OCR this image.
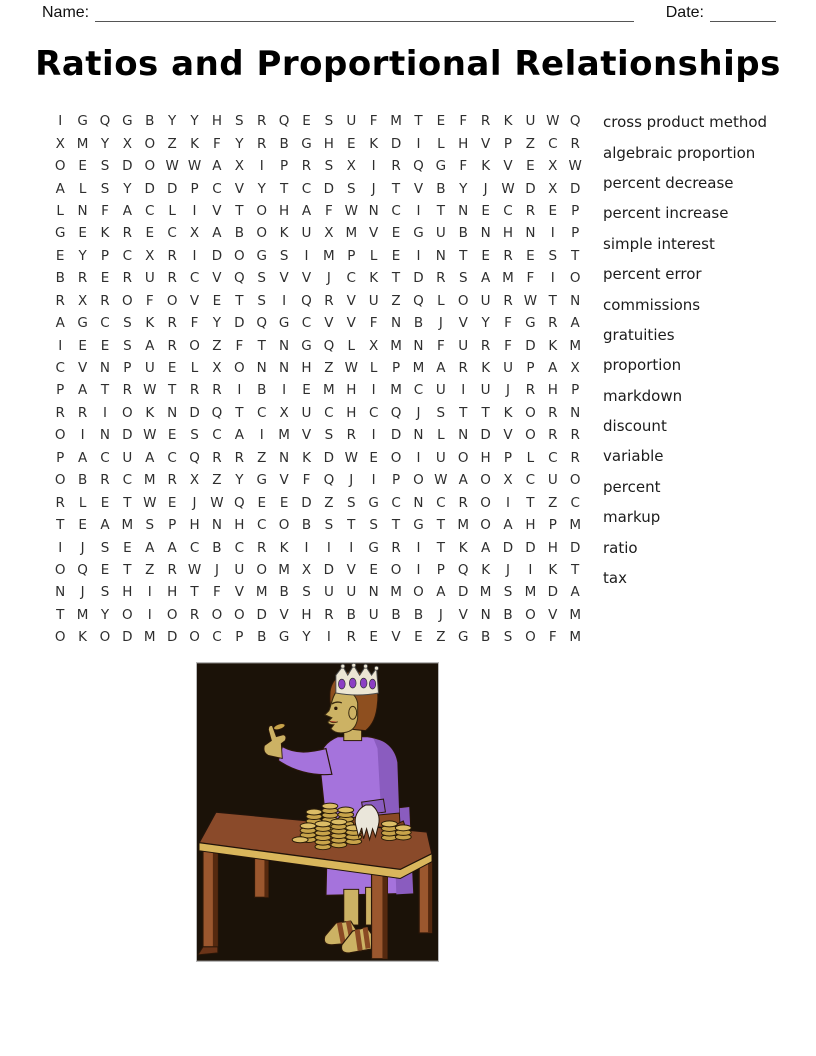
Name:	Date:
Ratios and Proportional Relationships
I	G Q G B	Y	Y H S R Q E	S U	F M T	E	F	R K U W Q
X M Y	X O Z K	F	Y	R B G H E	K D	I	L	H V	P	Z C R
O E	S D O W W A X	I	P	R S X	I	R Q G F	K V	E	X W
A	L	S	Y D D P	C V	Y	T	C D S	J	T	V B	Y	J	W D X D
L	N F	A C	L	I	V	T O H A	F W N C	I	T N E C R E	P
G E	K R E C X A B O K U X M V	E G U B N H N	I	P
E	Y	P	C X R	I	D O G S	I	M P	L	E	I	N T	E R E	S	T
B R E R U R C V Q S V V	J	C K	T D R S A M F	I	O
R X R O F O V	E	T	S	I	Q R V U Z Q L O U R W T N
A G C S	K R	F	Y D Q G C V V	F N B	J	V	Y	F G R A
I	E	E	S A R O Z	F	T N G Q L	X M N F	U R	F D K M
C V N P U E	L	X O N N H Z W L	P M A R K U P	A X
P	A	T	R W T	R R	I	B	I	E M H	I	M C U	I	U	J	R H P
R R	I	O K N D Q T	C X U C H C Q	J	S	T	T	K O R N
O	I	N D W E	S C A	I	M V S R	I	D N	L	N D V O R R
P	A C U A C Q R R Z N K D W E O	I	U O H P	L	C R
O B R C M R X Z	Y G V	F Q	J	I	P O W A O X C U O
R	L	E	T W E	J	W Q E	E D Z S G C N C R O	I	T	Z C
T	E	A M S	P H N H C O B S	T	S	T G T M O A H P M
I	J	S	E	A A C B C R K	I	I	I	G R	I	T	K A D D H D
O Q E	T	Z R W	J	U O M X D V	E O	I	P Q K	J	I	K	T
N	J	S H	I	H T	F	V M B S U U N M O A D M S M D A
T M Y O	I	O R O O D V H R B U B B	J	V N B O V M
O K O D M D O C	P	B G Y	I	R E	V	E	Z G B S O F M
cross product method
algebraic proportion
percent decrease
percent increase
simple interest
percent error
commissions
gratuities
proportion
markdown
discount
variable
percent
markup
ratio
tax
